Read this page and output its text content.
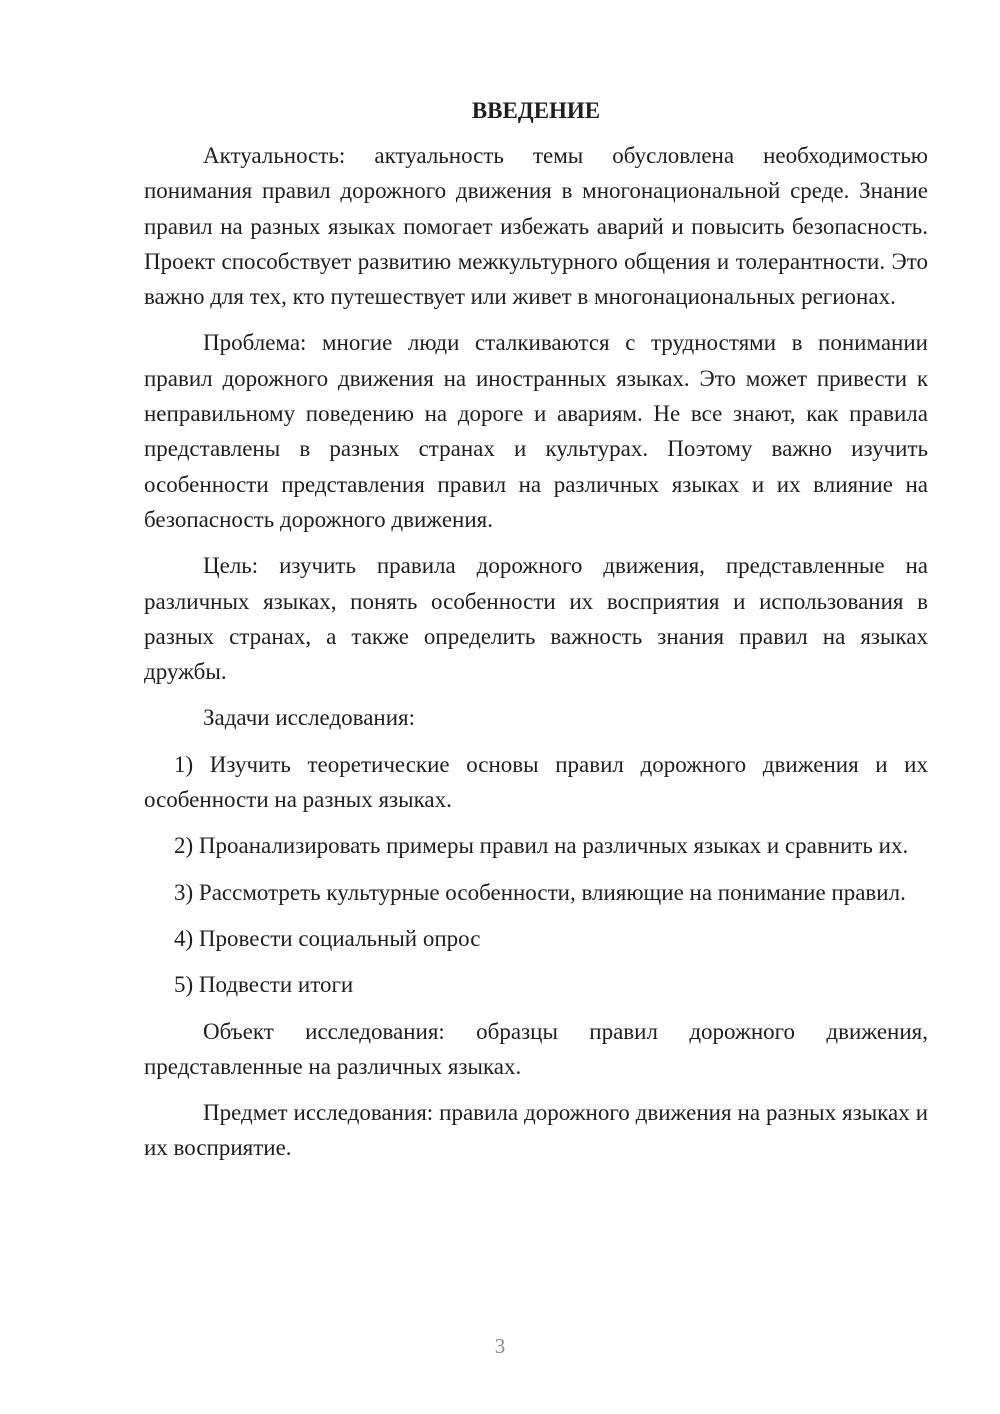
ВВЕДЕНИЕ

Актуальность: актуальность темы обусловлена необходимостью понимания правил дорожного движения в многонациональной среде. Знание правил на разных языках помогает избежать аварий и повысить безопасность. Проект способствует развитию межкультурного общения и толерантности. Это важно для тех, кто путешествует или живет в многонациональных регионах.

Проблема: многие люди сталкиваются с трудностями в понимании правил дорожного движения на иностранных языках. Это может привести к неправильному поведению на дороге и авариям. Не все знают, как правила представлены в разных странах и культурах. Поэтому важно изучить особенности представления правил на различных языках и их влияние на безопасность дорожного движения.

Цель: изучить правила дорожного движения, представленные на различных языках, понять особенности их восприятия и использования в разных странах, а также определить важность знания правил на языках дружбы.

Задачи исследования:

1) Изучить теоретические основы правил дорожного движения и их особенности на разных языках.

2) Проанализировать примеры правил на различных языках и сравнить их.

3) Рассмотреть культурные особенности, влияющие на понимание правил.

4) Провести социальный опрос

5) Подвести итоги

Объект исследования: образцы правил дорожного движения, представленные на различных языках.

Предмет исследования: правила дорожного движения на разных языках и их восприятие.

3
